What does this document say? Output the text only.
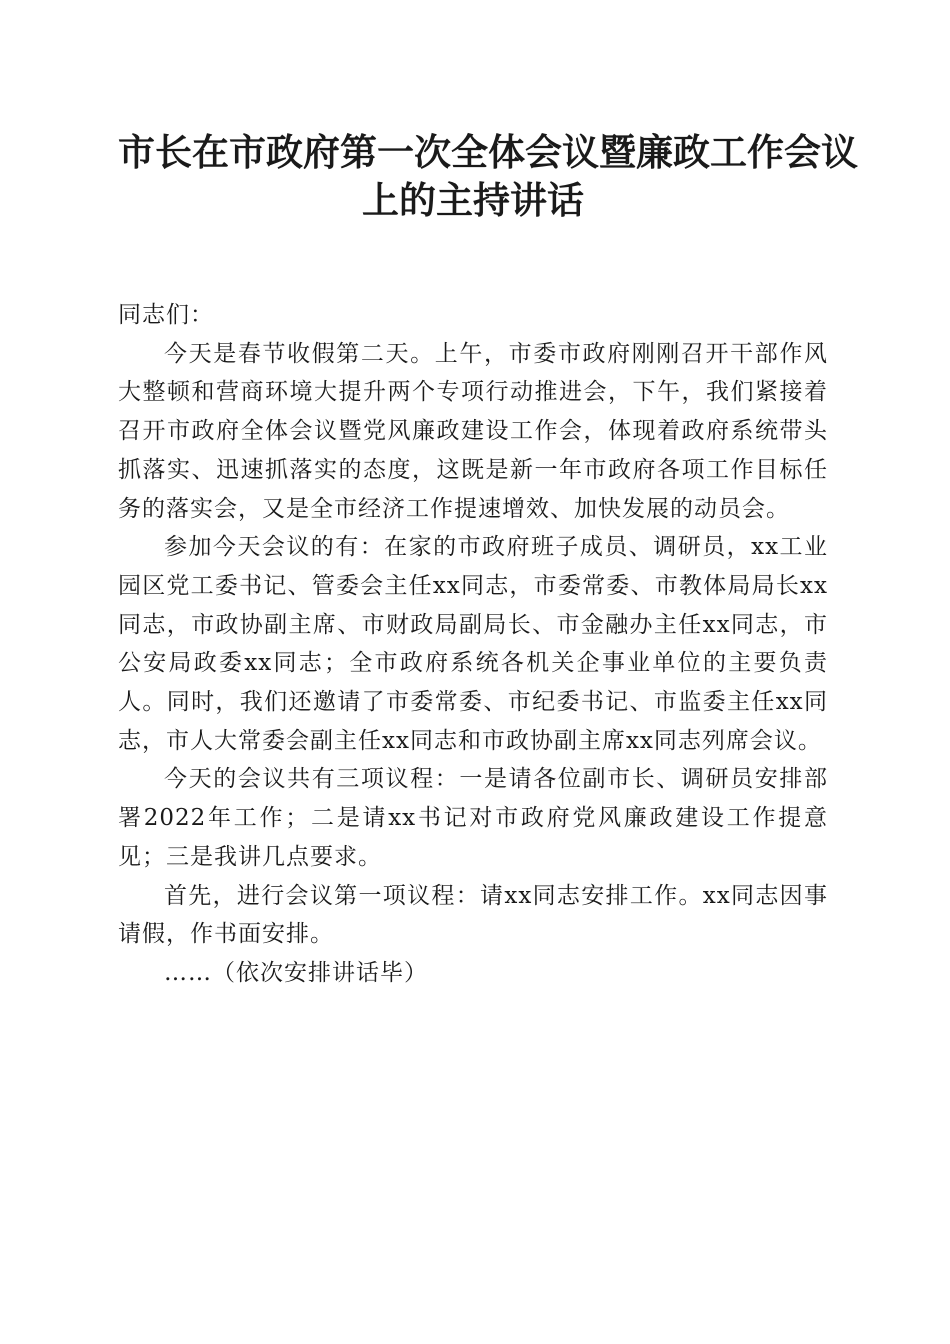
市长在市政府第一次全体会议暨廉政工作会议
上的主持讲话

同志们：

今天是春节收假第二天。上午，市委市政府刚刚召开干部作风大整顿和营商环境大提升两个专项行动推进会，下午，我们紧接着召开市政府全体会议暨党风廉政建设工作会，体现着政府系统带头抓落实、迅速抓落实的态度，这既是新一年市政府各项工作目标任务的落实会，又是全市经济工作提速增效、加快发展的动员会。

参加今天会议的有：在家的市政府班子成员、调研员，xx工业园区党工委书记、管委会主任xx同志，市委常委、市教体局局长xx同志，市政协副主席、市财政局副局长、市金融办主任xx同志，市公安局政委xx同志；全市政府系统各机关企事业单位的主要负责人。同时，我们还邀请了市委常委、市纪委书记、市监委主任xx同志，市人大常委会副主任xx同志和市政协副主席xx同志列席会议。

今天的会议共有三项议程：一是请各位副市长、调研员安排部署2022年工作；二是请xx书记对市政府党风廉政建设工作提意见；三是我讲几点要求。

首先，进行会议第一项议程：请xx同志安排工作。xx同志因事请假，作书面安排。

……（依次安排讲话毕）
